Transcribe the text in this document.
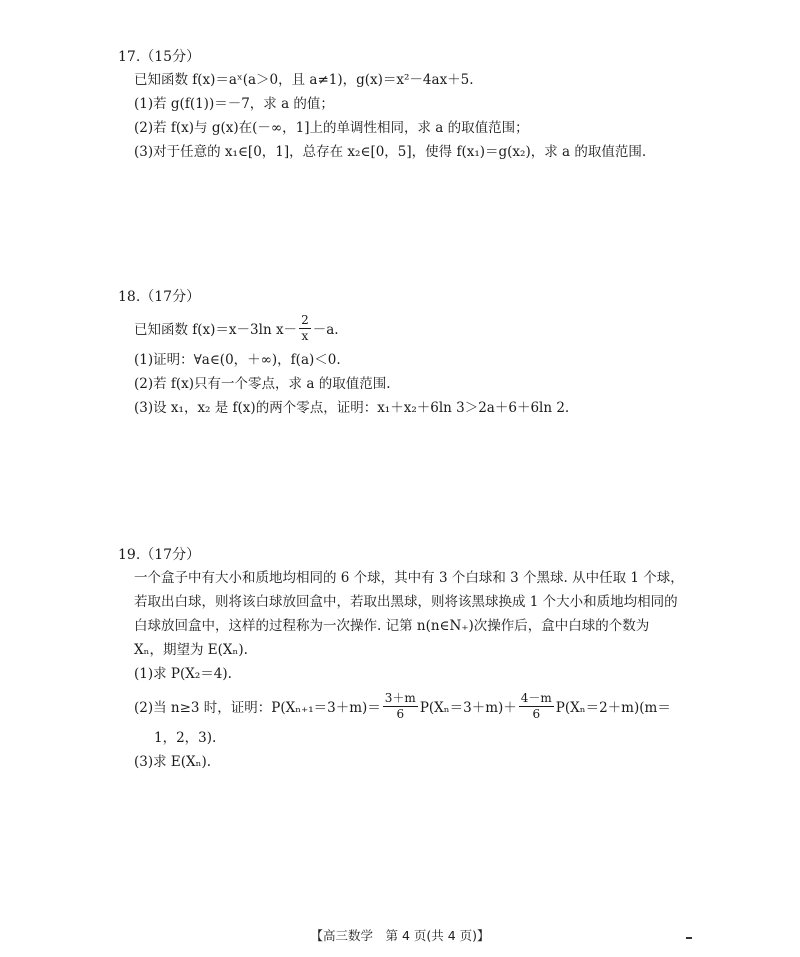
17.（15分）
已知函数 f(x)＝aˣ(a＞0，且 a≠1)，g(x)＝x²－4ax＋5.
(1)若 g(f(1))＝－7，求 a 的值；
(2)若 f(x)与 g(x)在(－∞，1]上的单调性相同，求 a 的取值范围；
(3)对于任意的 x₁∈[0，1]，总存在 x₂∈[0，5]，使得 f(x₁)＝g(x₂)，求 a 的取值范围.
18.（17分）
已知函数 f(x)＝x－3ln $x- \frac{2}{x} -a$.
(1)证明：∀a∈(0，＋∞)，f(a)＜0.
(2)若 f(x)只有一个零点，求 a 的取值范围.
(3)设 x₁，x₂ 是 f(x)的两个零点，证明：x₁＋x₂＋6ln 3＞2a＋6＋6ln 2.
19.（17分）
一个盒子中有大小和质地均相同的 6 个球，其中有 3 个白球和 3 个黑球. 从中任取 1 个球，
若取出白球，则将该白球放回盒中，若取出黑球，则将该黑球换成 1 个大小和质地均相同的
白球放回盒中，这样的过程称为一次操作. 记第 n(n∈N₊)次操作后，盒中白球的个数为
Xₙ，期望为 E(Xₙ).
(1)求 P(X₂＝4).
(2)当 n≥3 时，证明：$P(X_{n+1}=3+m)= \frac{3+m}{6} P(X_n=3+m)+ \frac{4-m}{6} P(X_n=2+m)(m=$
1，2，3).
(3)求 E(Xₙ).
【高三数学　第 4 页(共 4 页)】
